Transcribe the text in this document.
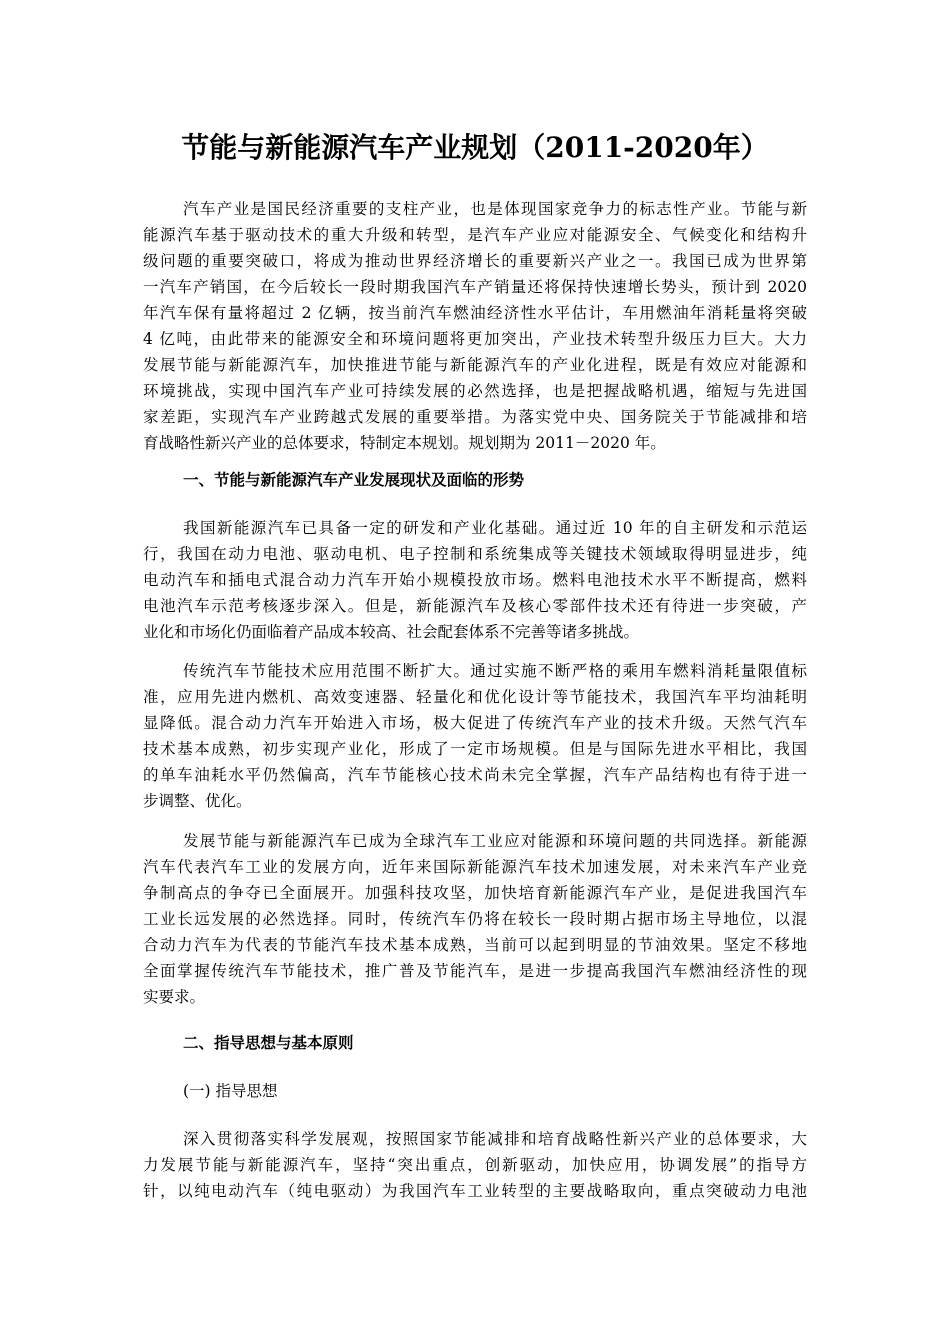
节能与新能源汽车产业规划（2011-2020年）
汽车产业是国民经济重要的支柱产业，也是体现国家竞争力的标志性产业。节能与新
能源汽车基于驱动技术的重大升级和转型，是汽车产业应对能源安全、气候变化和结构升
级问题的重要突破口，将成为推动世界经济增长的重要新兴产业之一。我国已成为世界第
一汽车产销国，在今后较长一段时期我国汽车产销量还将保持快速增长势头，预计到 2020
年汽车保有量将超过 2 亿辆，按当前汽车燃油经济性水平估计，车用燃油年消耗量将突破
4 亿吨，由此带来的能源安全和环境问题将更加突出，产业技术转型升级压力巨大。大力
发展节能与新能源汽车，加快推进节能与新能源汽车的产业化进程，既是有效应对能源和
环境挑战，实现中国汽车产业可持续发展的必然选择，也是把握战略机遇，缩短与先进国
家差距，实现汽车产业跨越式发展的重要举措。为落实党中央、国务院关于节能减排和培
育战略性新兴产业的总体要求，特制定本规划。规划期为 2011－2020 年。
一、节能与新能源汽车产业发展现状及面临的形势
我国新能源汽车已具备一定的研发和产业化基础。通过近 10 年的自主研发和示范运
行，我国在动力电池、驱动电机、电子控制和系统集成等关键技术领域取得明显进步，纯
电动汽车和插电式混合动力汽车开始小规模投放市场。燃料电池技术水平不断提高，燃料
电池汽车示范考核逐步深入。但是，新能源汽车及核心零部件技术还有待进一步突破，产
业化和市场化仍面临着产品成本较高、社会配套体系不完善等诸多挑战。
传统汽车节能技术应用范围不断扩大。通过实施不断严格的乘用车燃料消耗量限值标
准，应用先进内燃机、高效变速器、轻量化和优化设计等节能技术，我国汽车平均油耗明
显降低。混合动力汽车开始进入市场，极大促进了传统汽车产业的技术升级。天然气汽车
技术基本成熟，初步实现产业化，形成了一定市场规模。但是与国际先进水平相比，我国
的单车油耗水平仍然偏高，汽车节能核心技术尚未完全掌握，汽车产品结构也有待于进一
步调整、优化。
发展节能与新能源汽车已成为全球汽车工业应对能源和环境问题的共同选择。新能源
汽车代表汽车工业的发展方向，近年来国际新能源汽车技术加速发展，对未来汽车产业竞
争制高点的争夺已全面展开。加强科技攻坚，加快培育新能源汽车产业，是促进我国汽车
工业长远发展的必然选择。同时，传统汽车仍将在较长一段时期占据市场主导地位，以混
合动力汽车为代表的节能汽车技术基本成熟，当前可以起到明显的节油效果。坚定不移地
全面掌握传统汽车节能技术，推广普及节能汽车，是进一步提高我国汽车燃油经济性的现
实要求。
二、指导思想与基本原则
(一) 指导思想
深入贯彻落实科学发展观，按照国家节能减排和培育战略性新兴产业的总体要求，大
力发展节能与新能源汽车，坚持“突出重点，创新驱动，加快应用，协调发展”的指导方
针，以纯电动汽车（纯电驱动）为我国汽车工业转型的主要战略取向，重点突破动力电池
